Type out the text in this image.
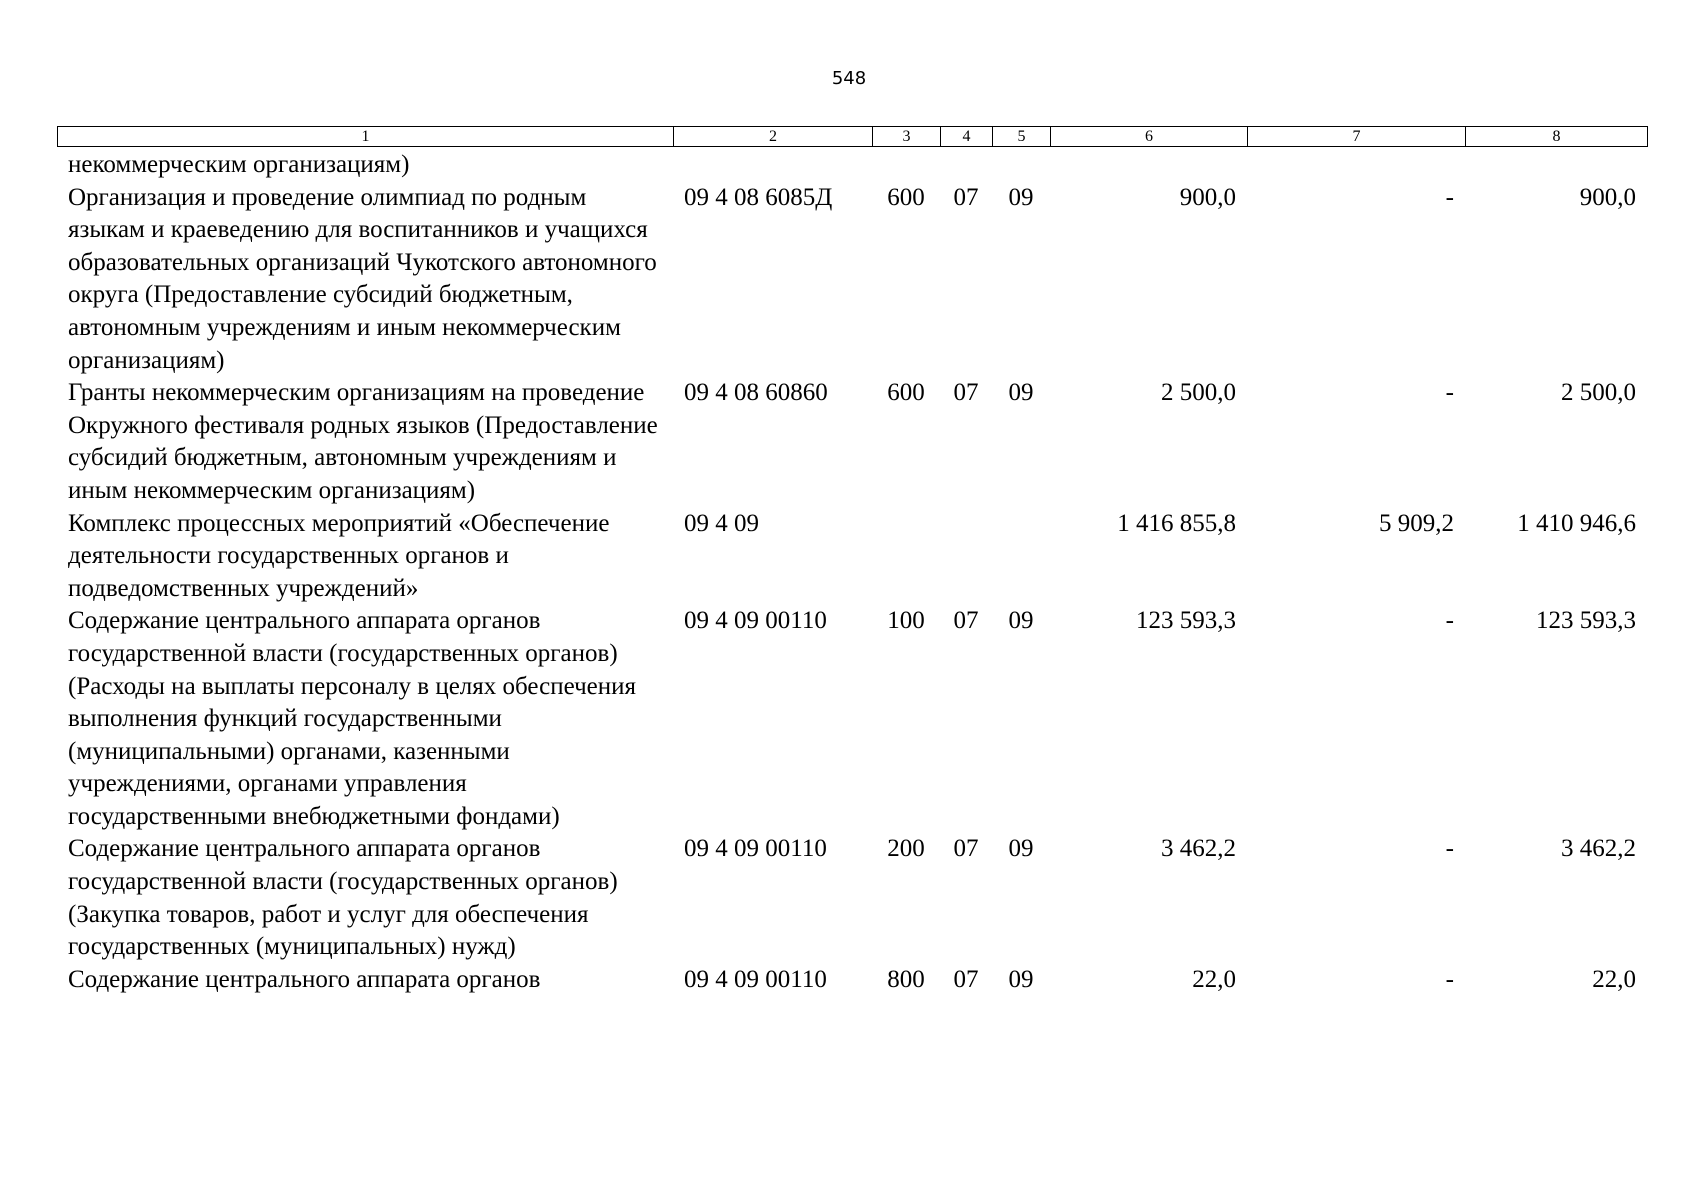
548
1	2	3	4	5	6	7	8
некоммерческим организациям)							
Организация и проведение олимпиад по родным языкам и краеведению для воспитанников и учащихся образовательных организаций Чукотского автономного округа (Предоставление субсидий бюджетным, автономным учреждениям и иным некоммерческим организациям)	09 4 08 6085Д	600	07	09	900,0	-	900,0
Гранты некоммерческим организациям на проведение Окружного фестиваля родных языков (Предоставление субсидий бюджетным, автономным учреждениям и иным некоммерческим организациям)	09 4 08 60860	600	07	09	2 500,0	-	2 500,0
Комплекс процессных мероприятий «Обеспечение деятельности государственных органов и подведомственных учреждений»	09 4 09				1 416 855,8	5 909,2	1 410 946,6
Содержание центрального аппарата органов государственной власти (государственных органов) (Расходы на выплаты персоналу в целях обеспечения выполнения функций государственными (муниципальными) органами, казенными учреждениями, органами управления государственными внебюджетными фондами)	09 4 09 00110	100	07	09	123 593,3	-	123 593,3
Содержание центрального аппарата органов государственной власти (государственных органов) (Закупка товаров, работ и услуг для обеспечения государственных (муниципальных) нужд)	09 4 09 00110	200	07	09	3 462,2	-	3 462,2
Содержание центрального аппарата органов	09 4 09 00110	800	07	09	22,0	-	22,0
